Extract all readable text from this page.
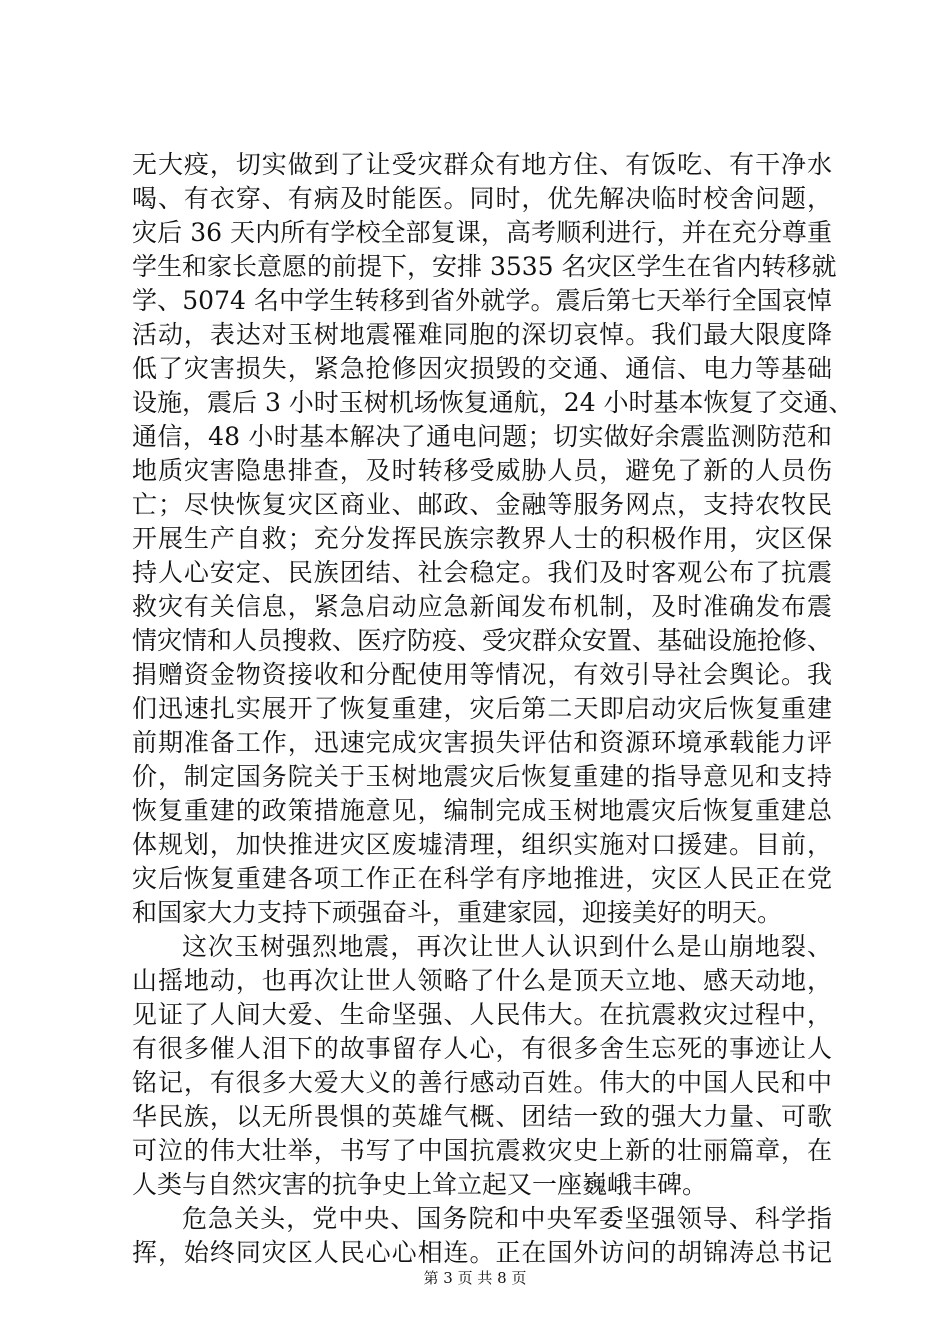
无大疫，切实做到了让受灾群众有地方住、有饭吃、有干净水
喝、有衣穿、有病及时能医。同时，优先解决临时校舍问题，
灾后 36 天内所有学校全部复课，高考顺利进行，并在充分尊重
学生和家长意愿的前提下，安排 3535 名灾区学生在省内转移就
学、5074 名中学生转移到省外就学。震后第七天举行全国哀悼
活动，表达对玉树地震罹难同胞的深切哀悼。我们最大限度降
低了灾害损失，紧急抢修因灾损毁的交通、通信、电力等基础
设施，震后 3 小时玉树机场恢复通航，24 小时基本恢复了交通、
通信，48 小时基本解决了通电问题；切实做好余震监测防范和
地质灾害隐患排查，及时转移受威胁人员，避免了新的人员伤
亡；尽快恢复灾区商业、邮政、金融等服务网点，支持农牧民
开展生产自救；充分发挥民族宗教界人士的积极作用，灾区保
持人心安定、民族团结、社会稳定。我们及时客观公布了抗震
救灾有关信息，紧急启动应急新闻发布机制，及时准确发布震
情灾情和人员搜救、医疗防疫、受灾群众安置、基础设施抢修、
捐赠资金物资接收和分配使用等情况，有效引导社会舆论。我
们迅速扎实展开了恢复重建，灾后第二天即启动灾后恢复重建
前期准备工作，迅速完成灾害损失评估和资源环境承载能力评
价，制定国务院关于玉树地震灾后恢复重建的指导意见和支持
恢复重建的政策措施意见，编制完成玉树地震灾后恢复重建总
体规划，加快推进灾区废墟清理，组织实施对口援建。目前，
灾后恢复重建各项工作正在科学有序地推进，灾区人民正在党
和国家大力支持下顽强奋斗，重建家园，迎接美好的明天。
这次玉树强烈地震，再次让世人认识到什么是山崩地裂、
山摇地动，也再次让世人领略了什么是顶天立地、感天动地，
见证了人间大爱、生命坚强、人民伟大。在抗震救灾过程中，
有很多催人泪下的故事留存人心，有很多舍生忘死的事迹让人
铭记，有很多大爱大义的善行感动百姓。伟大的中国人民和中
华民族，以无所畏惧的英雄气概、团结一致的强大力量、可歌
可泣的伟大壮举，书写了中国抗震救灾史上新的壮丽篇章，在
人类与自然灾害的抗争史上耸立起又一座巍峨丰碑。
危急关头，党中央、国务院和中央军委坚强领导、科学指
挥，始终同灾区人民心心相连。正在国外访问的胡锦涛总书记
第 3 页 共 8 页
